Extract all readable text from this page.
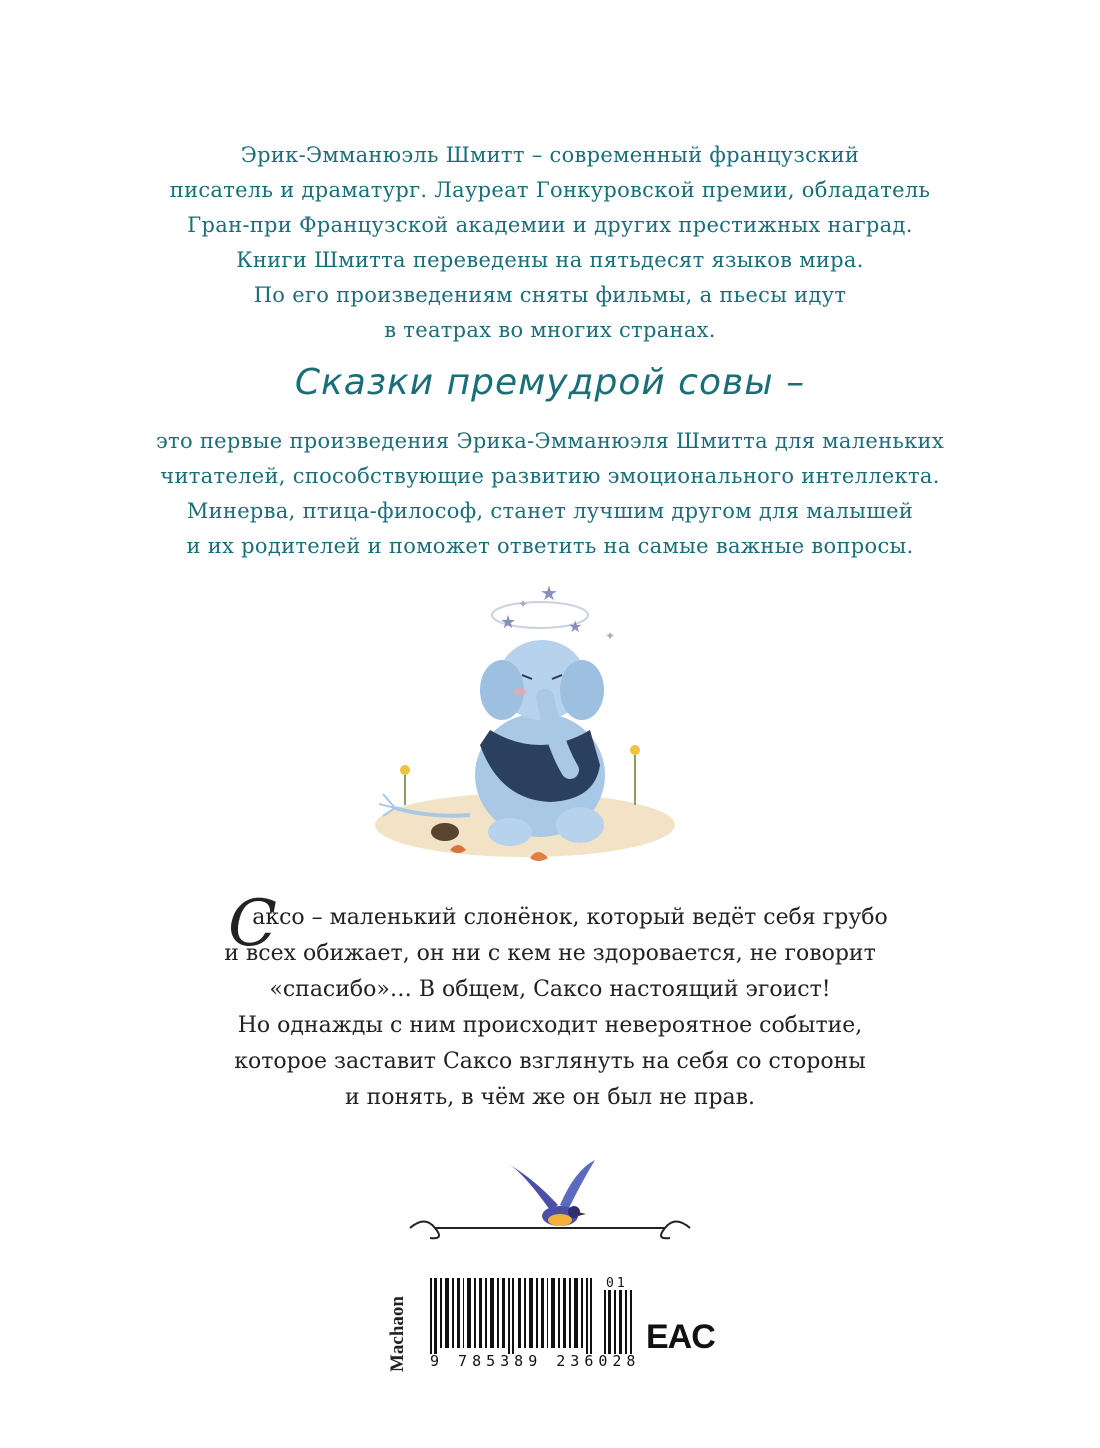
Эрик-Эмманюэль Шмитт – современный французский
писатель и драматург. Лауреат Гонкуровской премии, обладатель
Гран-при Французской академии и других престижных наград.
Книги Шмитта переведены на пятьдесят языков мира.
По его произведениям сняты фильмы, а пьесы идут
в театрах во многих странах.
Сказки премудрой совы –
это первые произведения Эрика-Эмманюэля Шмитта для маленьких
читателей, способствующие развитию эмоционального интеллекта.
Минерва, птица-философ, станет лучшим другом для малышей
и их родителей и поможет ответить на самые важные вопросы.
★
★	★
✦
✦
С
аксо – маленький слонёнок, который ведёт себя грубо
и всех обижает, он ни с кем не здоровается, не говорит
«спасибо»… В общем, Саксо настоящий эгоист!
Но однажды с ним происходит невероятное событие,
которое заставит Саксо взглянуть на себя со стороны
и понять, в чём же он был не прав.
Machaon 9 785389 236028
01
EAC
